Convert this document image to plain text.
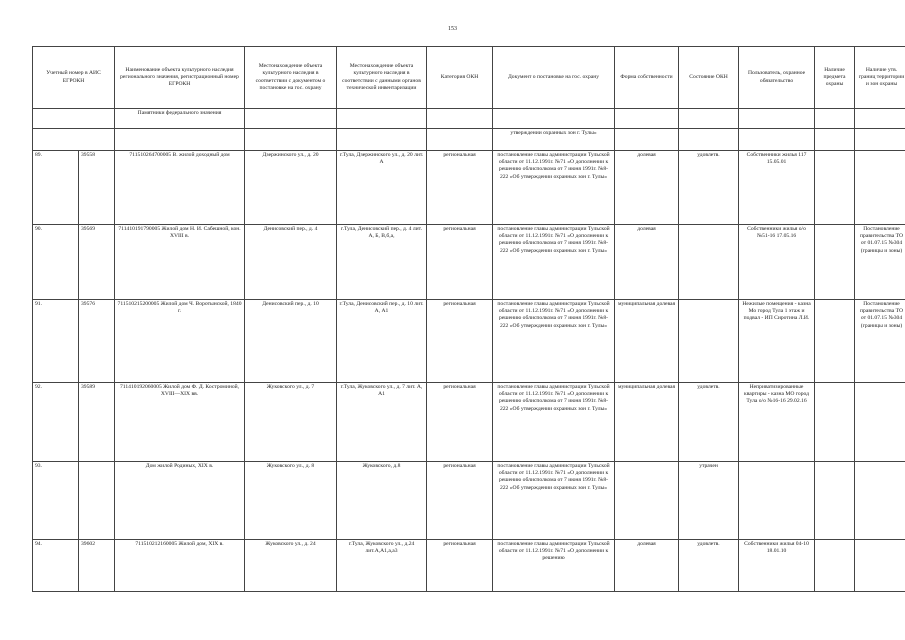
153
Учетный номер в АИС ЕГРОКН		Наименование объекта культурного наследия регионального значения, регистрационный номер ЕГРОКН	Местонахождение объекта культурного наследия в соответствии с документом о постановке на гос. охрану	Местонахождение объекта культурного наследия в соответствии с данными органов технической инвентаризации	Категория ОКН	Документ о постановке на гос. охрану	Форма собственности	Состояние ОКН	Пользователь, охранное обязательство	Наличие предмета охраны	Наличие утв. границ территории и зон охраны
		Памятники федерального значения									
						утверждении охранных зон г. Тулы»					
89.	39558	711510264700005 В. жилой доходный дом	Дзержинского ул., д. 20	г.Тула, Дзержинского ул., д. 20 лит. А	региональная	постановление главы администрации Тульской области от 11.12.1991г. №71 «О дополнении к решению облисполкома от 7 июня 1991г. №8-222 «Об утверждении охранных зон г. Тулы»	долевая	удовлетв.	Собственники жилья 117 15.05.01		
90.	39569	711410191790005 Жилой дом Н. И. Сабешной, кон. XVIII в.	Денисовский пер., д. 4	г.Тула, Денисовский пер., д. 4 лит. А, Б, В,б,а,	региональная	постановление главы администрации Тульской области от 11.12.1991г. №71 «О дополнении к решению облисполкома от 7 июня 1991г. №8-222 «Об утверждении охранных зон г. Тулы»	долевая		Собственники жилья о/о №51-16 17.05.16		Постановление правительства ТО от 01.07.15 №304 (границы и зоны)
91.	39576	711510215200005 Жилой дом Ч. Воротынской, 1840 г.	Денисовский пер., д. 10	г.Тула, Денисовский пер., д. 10 лит. А, А1	региональная	постановление главы администрации Тульской области от 11.12.1991г. №71 «О дополнении к решению облисполкома от 7 июня 1991г. №8-222 «Об утверждении охранных зон г. Тулы»	муниципальная долевая		Нежилые помещения - казна Мо город Тула 1 этаж и подвал - ИП Сиротина Л.И.		Постановление правительства ТО от 01.07.15 №304 (границы и зоны)
92.	39589	711410192060005 Жилой дом Ф. Д. Костроминой, XVIII—XIX вв.	Жуковского ул., д. 7	г.Тула, Жуковского ул., д. 7 лит. А, А1	региональная	постановление главы администрации Тульской области от 11.12.1991г. №71 «О дополнении к решению облисполкома от 7 июня 1991г. №8-222 «Об утверждении охранных зон г. Тулы»	муниципальная долевая	удовлетв.	Неприватизированные квартиры - казна МО город Тула о/о №16-16 29.02.16		
93.		Дом жилой Родиных, XIX в.	Жуковского ул., д. 8	Жуковского, д.8	региональная	постановление главы администрации Тульской области от 11.12.1991г. №71 «О дополнении к решению облисполкома от 7 июня 1991г. №8-222 «Об утверждении охранных зон г. Тулы»		утрачен			
94.	39602	711510212160005 Жилой дом, XIX в.	Жуковского ул., д. 24	г.Тула, Жуковского ул., д.24 лит.А,А1,а,а3	региональная	постановление главы администрации Тульской области от 11.12.1991г. №71 «О дополнении к решению	долевая	удовлетв.	Собственники жилья 04-10 18.01.10		
